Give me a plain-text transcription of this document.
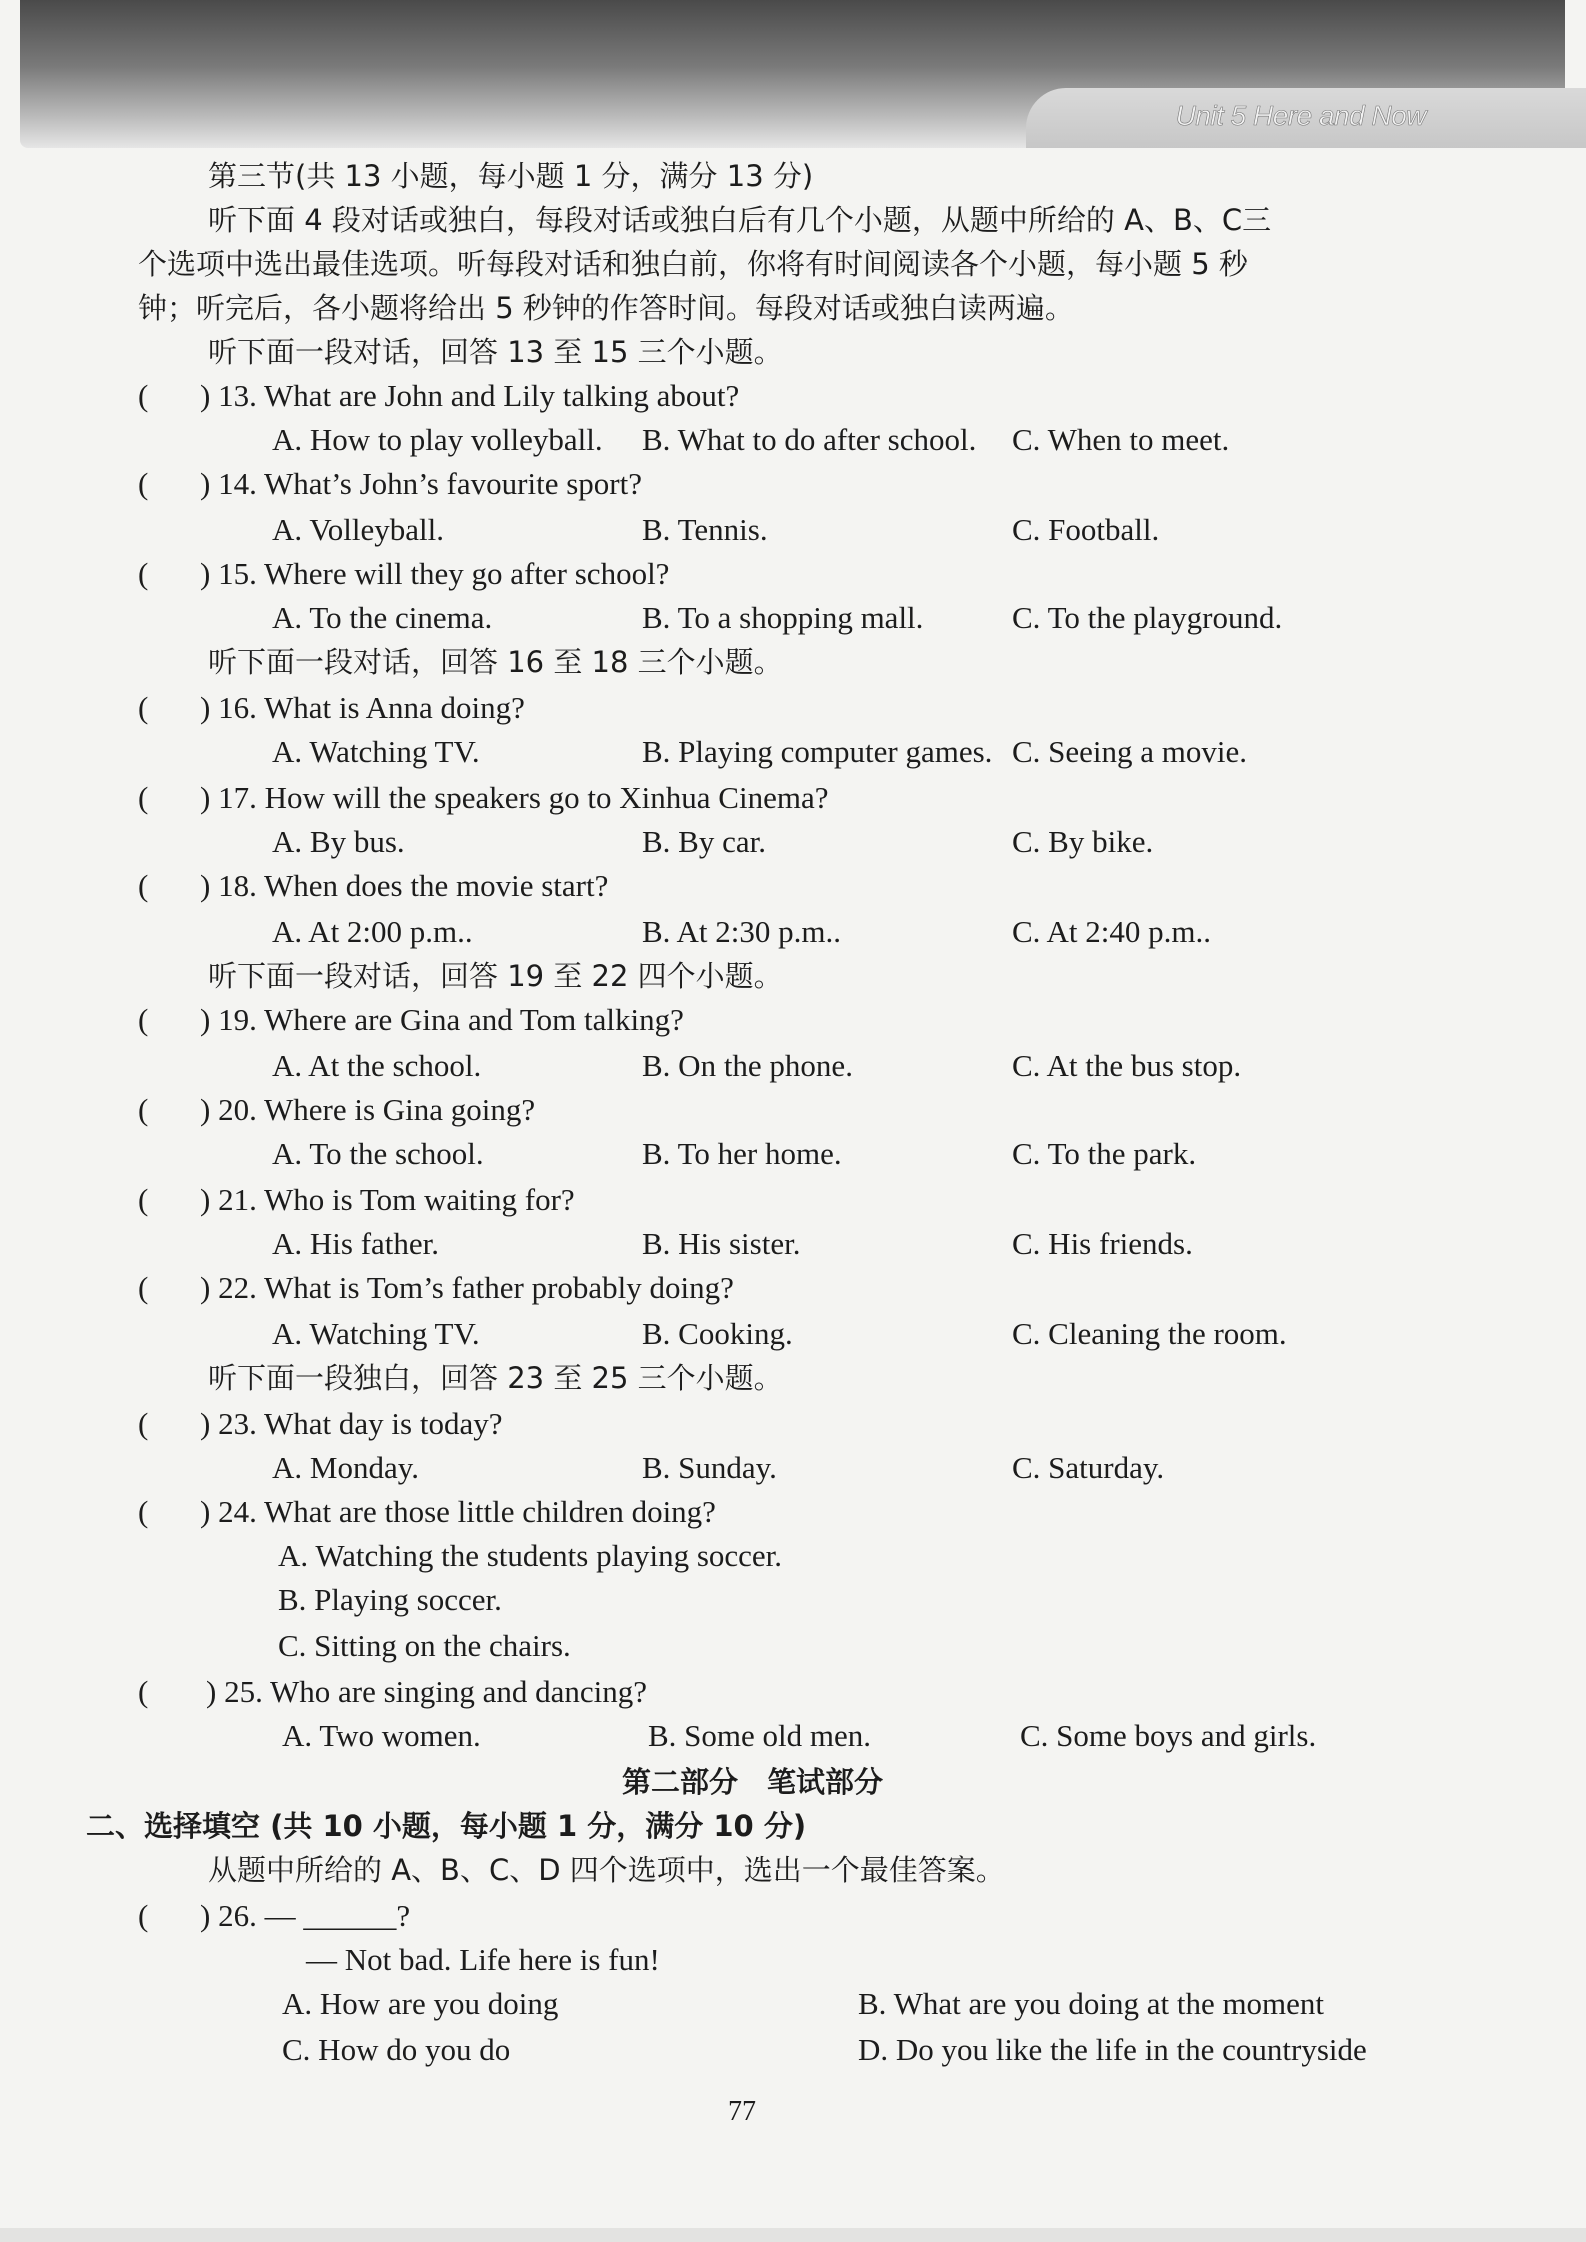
Unit 5 Here and Now
第三节(共 13 小题，每小题 1 分，满分 13 分)
听下面 4 段对话或独白，每段对话或独白后有几个小题，从题中所给的 A、B、C三
个选项中选出最佳选项。听每段对话和独白前，你将有时间阅读各个小题，每小题 5 秒
钟；听完后，各小题将给出 5 秒钟的作答时间。每段对话或独白读两遍。
听下面一段对话，回答 13 至 15 三个小题。
( ) 13. What are John and Lily talking about?
A. How to play volleyball. B. What to do after school. C. When to meet.
( ) 14. What’s John’s favourite sport?
A. Volleyball.	B. Tennis.	C. Football.
( ) 15. Where will they go after school?
A. To the cinema.	B. To a shopping mall.	C. To the playground.
听下面一段对话，回答 16 至 18 三个小题。
( ) 16. What is Anna doing?
A. Watching TV.	B. Playing computer games. C. Seeing a movie.
( ) 17. How will the speakers go to Xinhua Cinema?
A. By bus.	B. By car.	C. By bike.
( ) 18. When does the movie start?
A. At 2:00 p.m..	B. At 2:30 p.m..	C. At 2:40 p.m..
听下面一段对话，回答 19 至 22 四个小题。
( ) 19. Where are Gina and Tom talking?
A. At the school.	B. On the phone.	C. At the bus stop.
( ) 20. Where is Gina going?
A. To the school.	B. To her home.	C. To the park.
( ) 21. Who is Tom waiting for?
A. His father.	B. His sister.	C. His friends.
( ) 22. What is Tom’s father probably doing?
A. Watching TV.	B. Cooking.	C. Cleaning the room.
听下面一段独白，回答 23 至 25 三个小题。
( ) 23. What day is today?
A. Monday.	B. Sunday.	C. Saturday.
( ) 24. What are those little children doing?
A. Watching the students playing soccer.
B. Playing soccer.
C. Sitting on the chairs.
( ) 25. Who are singing and dancing?
A. Two women.	B. Some old men.	C. Some boys and girls.
第二部分　笔试部分
二、选择填空 (共 10 小题，每小题 1 分，满分 10 分)
从题中所给的 A、B、C、D 四个选项中，选出一个最佳答案。
( ) 26. — ______?
— Not bad. Life here is fun!
A. How are you doing	B. What are you doing at the moment
C. How do you do	D. Do you like the life in the countryside
77
